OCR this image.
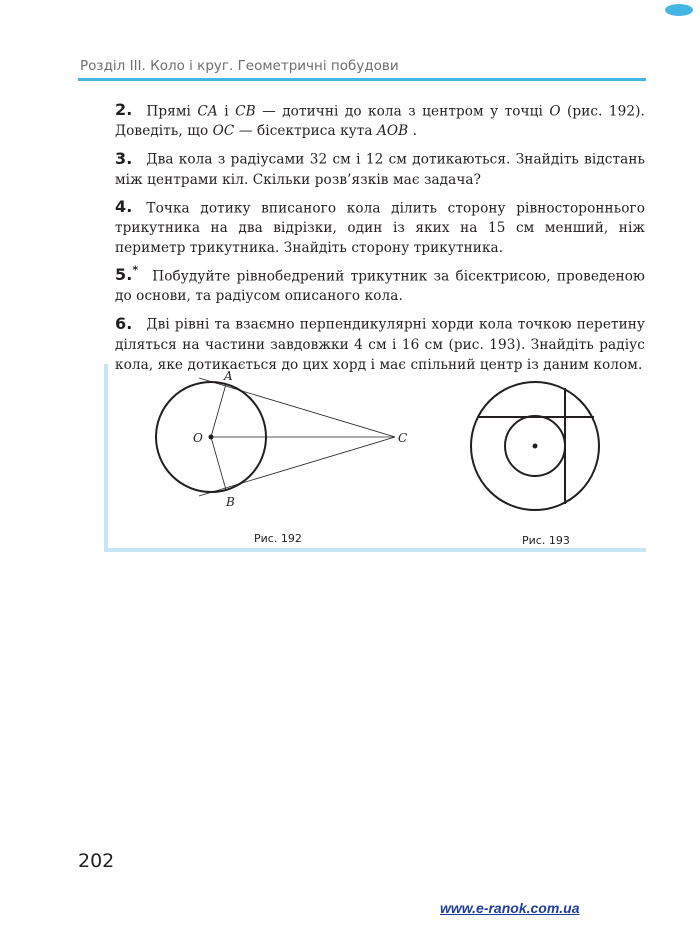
Розділ III. Коло і круг. Геометричні побудови

2. Прямі CA і CB — дотичні до кола з центром у точці O (рис. 192). Доведіть, що OC — бісектриса кута AOB .

3. Два кола з радіусами 32 см і 12 см дотикаються. Знайдіть відстань між центрами кіл. Скільки розв’язків має задача?

4. Точка дотику вписаного кола ділить сторону рівностороннього трикутника на два відрізки, один із яких на 15 см менший, ніж периметр трикутника. Знайдіть сторону трикутника.

5.* Побудуйте рівнобедрений трикутник за бісектрисою, проведеною до основи, та радіусом описаного кола.

6. Дві рівні та взаємно перпендикулярні хорди кола точкою перетину діляться на частини завдовжки 4 см і 16 см (рис. 193). Знайдіть радіус кола, яке дотикається до цих хорд і має спільний центр із даним колом.

A
B
O	C
Рис. 192	Рис. 193
202
www.e-ranok.com.ua
